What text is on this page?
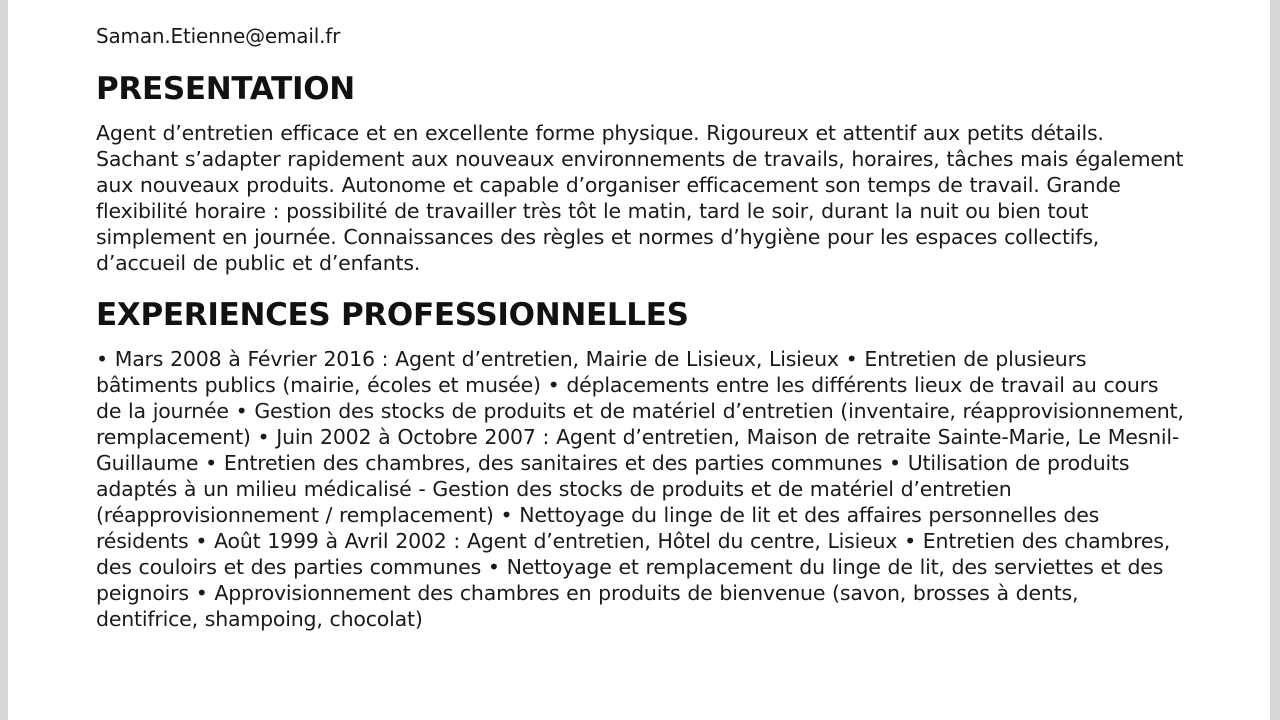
Saman.Etienne@email.fr

PRESENTATION

Agent d’entretien efficace et en excellente forme physique. Rigoureux et attentif aux petits détails. Sachant s’adapter rapidement aux nouveaux environnements de travails, horaires, tâches mais également aux nouveaux produits. Autonome et capable d’organiser efficacement son temps de travail. Grande flexibilité horaire : possibilité de travailler très tôt le matin, tard le soir, durant la nuit ou bien tout simplement en journée. Connaissances des règles et normes d’hygiène pour les espaces collectifs, d’accueil de public et d’enfants.

EXPERIENCES PROFESSIONNELLES

• Mars 2008 à Février 2016 : Agent d’entretien, Mairie de Lisieux, Lisieux • Entretien de plusieurs bâtiments publics (mairie, écoles et musée) • déplacements entre les différents lieux de travail au cours de la journée • Gestion des stocks de produits et de matériel d’entretien (inventaire, réapprovisionnement, remplacement) • Juin 2002 à Octobre 2007 : Agent d’entretien, Maison de retraite Sainte-Marie, Le Mesnil-Guillaume • Entretien des chambres, des sanitaires et des parties communes • Utilisation de produits adaptés à un milieu médicalisé - Gestion des stocks de produits et de matériel d’entretien (réapprovisionnement / remplacement) • Nettoyage du linge de lit et des affaires personnelles des résidents • Août 1999 à Avril 2002 : Agent d’entretien, Hôtel du centre, Lisieux • Entretien des chambres, des couloirs et des parties communes • Nettoyage et remplacement du linge de lit, des serviettes et des peignoirs • Approvisionnement des chambres en produits de bienvenue (savon, brosses à dents, dentifrice, shampoing, chocolat)
